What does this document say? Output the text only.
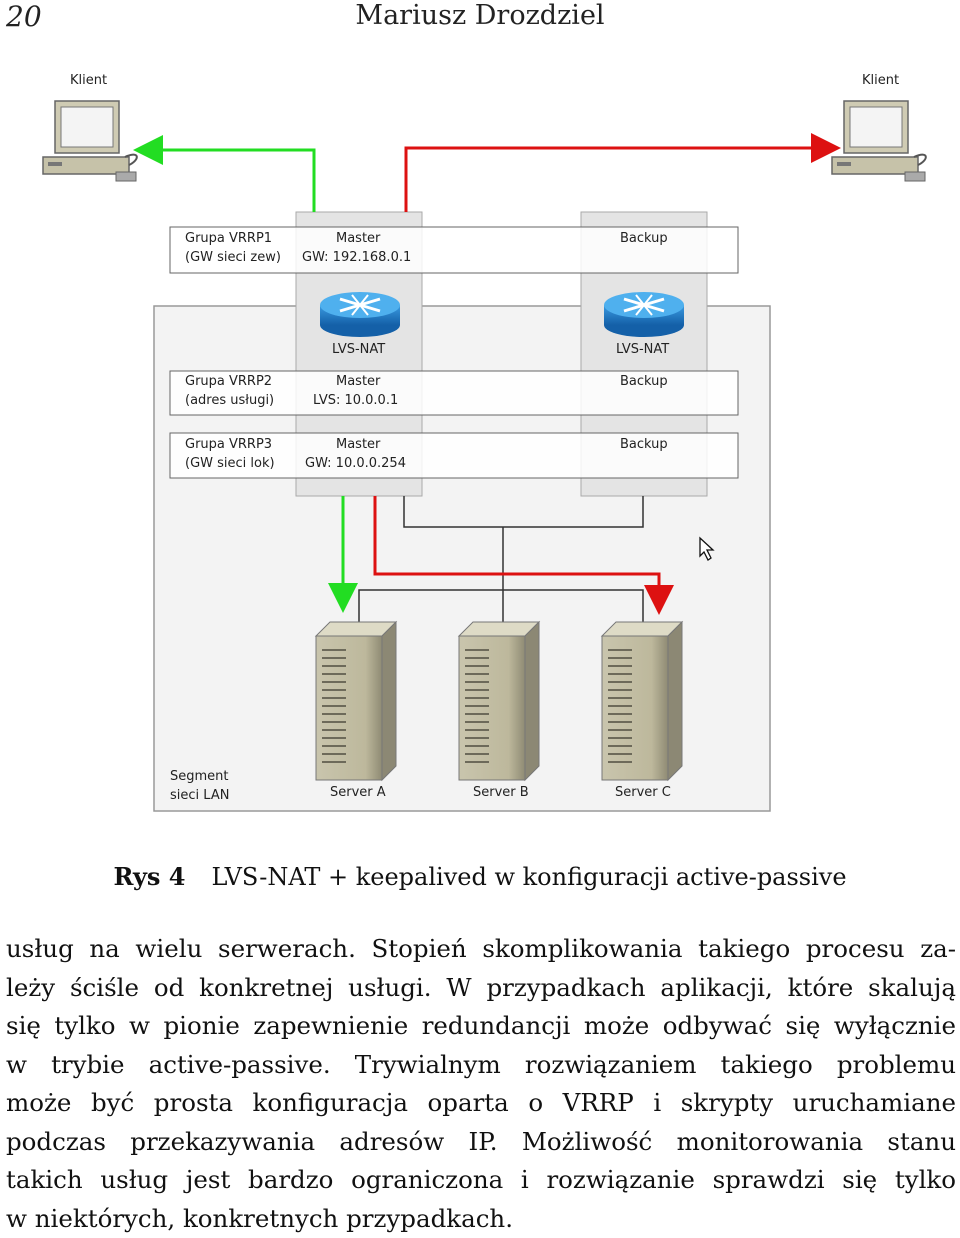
20	Mariusz Drozdziel
Grupa VRRP1
(GW sieci zew)
Master
GW: 192.168.0.1
Backup
LVS-NAT	LVS-NAT
Grupa VRRP2
(adres usługi)
Master
LVS: 10.0.0.1
Backup
Grupa VRRP3
(GW sieci lok)
Master
GW: 10.0.0.254
Backup
Klient	Klient
Server A	Server B	Server C
Segment
sieci LAN
Rys 4 LVS-NAT + keepalived w konfiguracji active-passive
usług na wielu serwerach. Stopień skomplikowania takiego procesu za-
leży ściśle od konkretnej usługi. W przypadkach aplikacji, które skalują
się tylko w pionie zapewnienie redundancji może odbywać się wyłącznie
w trybie active-passive. Trywialnym rozwiązaniem takiego problemu
może być prosta konfiguracja oparta o VRRP i skrypty uruchamiane
podczas przekazywania adresów IP. Możliwość monitorowania stanu
takich usług jest bardzo ograniczona i rozwiązanie sprawdzi się tylko
w niektórych, konkretnych przypadkach.
